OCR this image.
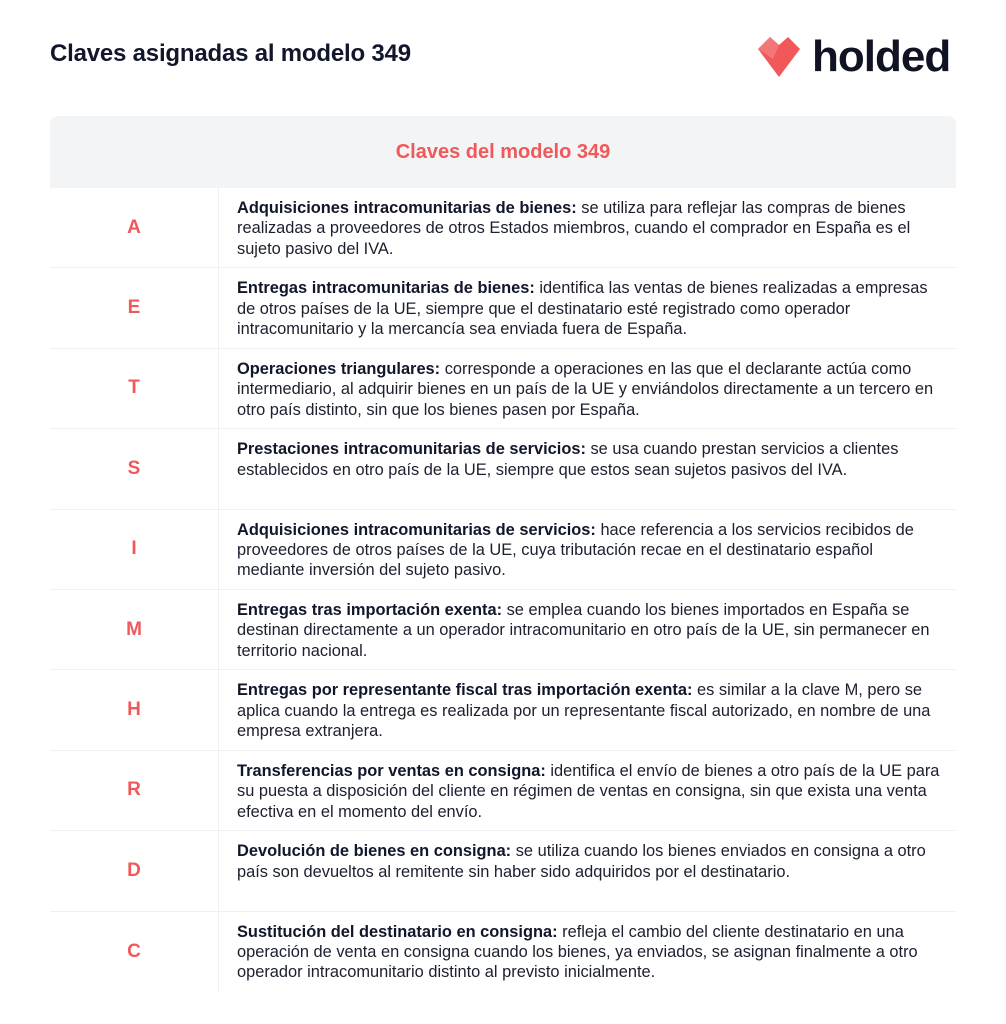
Claves asignadas al modelo 349	holded
Claves del modelo 349
A
Adquisiciones intracomunitarias de bienes: se utiliza para reflejar las compras de bienes realizadas a proveedores de otros Estados miembros, cuando el comprador en España es el sujeto pasivo del IVA.
E
Entregas intracomunitarias de bienes: identifica las ventas de bienes realizadas a empresas de otros países de la UE, siempre que el destinatario esté registrado como operador intracomunitario y la mercancía sea enviada fuera de España.
T
Operaciones triangulares: corresponde a operaciones en las que el declarante actúa como intermediario, al adquirir bienes en un país de la UE y enviándolos directamente a un tercero en otro país distinto, sin que los bienes pasen por España.
S
Prestaciones intracomunitarias de servicios: se usa cuando prestan servicios a clientes establecidos en otro país de la UE, siempre que estos sean sujetos pasivos del IVA.
I
Adquisiciones intracomunitarias de servicios: hace referencia a los servicios recibidos de proveedores de otros países de la UE, cuya tributación recae en el destinatario español mediante inversión del sujeto pasivo.
M
Entregas tras importación exenta: se emplea cuando los bienes importados en España se destinan directamente a un operador intracomunitario en otro país de la UE, sin permanecer en territorio nacional.
H
Entregas por representante fiscal tras importación exenta: es similar a la clave M, pero se aplica cuando la entrega es realizada por un representante fiscal autorizado, en nombre de una empresa extranjera.
R
Transferencias por ventas en consigna: identifica el envío de bienes a otro país de la UE para su puesta a disposición del cliente en régimen de ventas en consigna, sin que exista una venta efectiva en el momento del envío.
D
Devolución de bienes en consigna: se utiliza cuando los bienes enviados en consigna a otro país son devueltos al remitente sin haber sido adquiridos por el destinatario.
C
Sustitución del destinatario en consigna: refleja el cambio del cliente destinatario en una operación de venta en consigna cuando los bienes, ya enviados, se asignan finalmente a otro operador intracomunitario distinto al previsto inicialmente.
